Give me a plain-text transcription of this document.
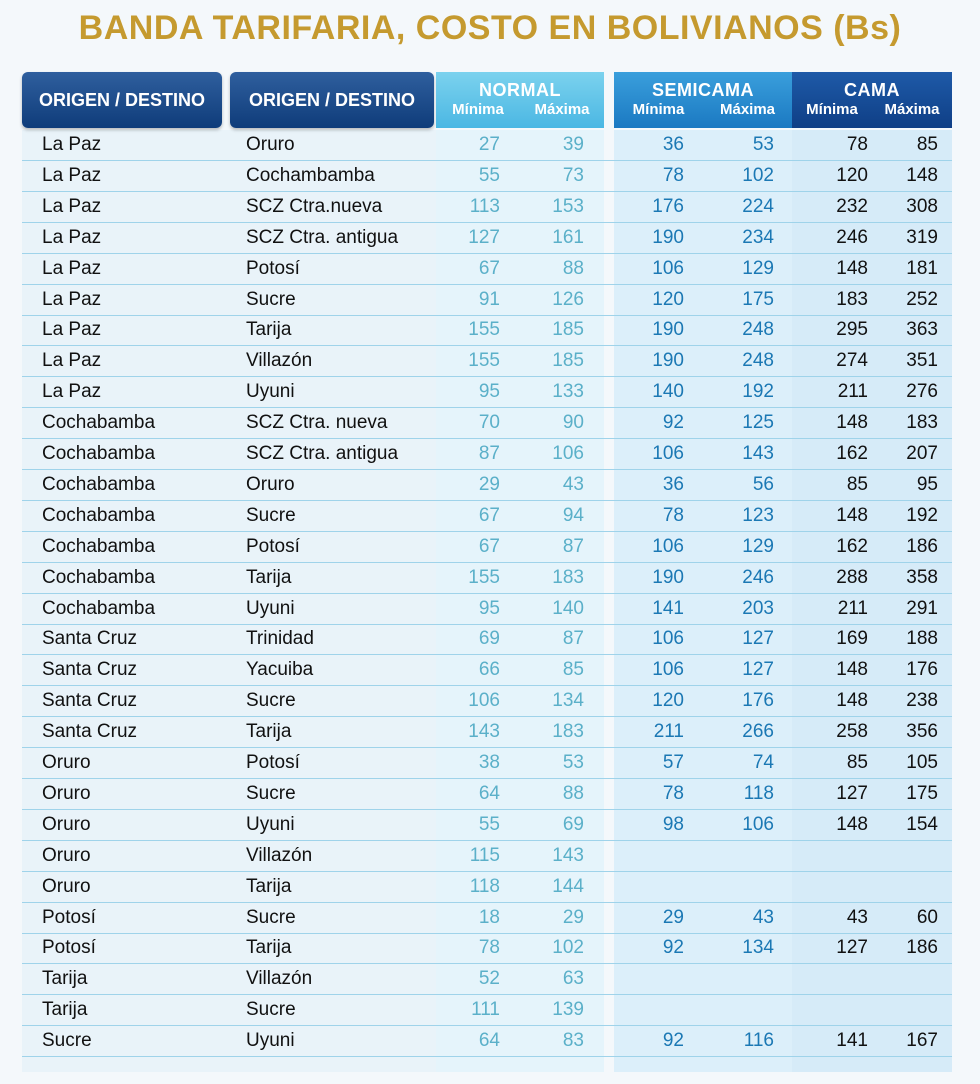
BANDA TARIFARIA, COSTO EN BOLIVIANOS (Bs)
ORIGEN / DESTINO	ORIGEN / DESTINO	NORMAL
Mínima	Máxima
SEMICAMA
Mínima	Máxima
CAMA
Mínima	Máxima
La Paz	Oruro	27	39	36	53	78	85
La Paz	Cochambamba	55	73	78	102	120	148
La Paz	SCZ Ctra.nueva	113	153	176	224	232	308
La Paz	SCZ Ctra. antigua	127	161	190	234	246	319
La Paz	Potosí	67	88	106	129	148	181
La Paz	Sucre	91	126	120	175	183	252
La Paz	Tarija	155	185	190	248	295	363
La Paz	Villazón	155	185	190	248	274	351
La Paz	Uyuni	95	133	140	192	211	276
Cochabamba	SCZ Ctra. nueva	70	90	92	125	148	183
Cochabamba	SCZ Ctra. antigua	87	106	106	143	162	207
Cochabamba	Oruro	29	43	36	56	85	95
Cochabamba	Sucre	67	94	78	123	148	192
Cochabamba	Potosí	67	87	106	129	162	186
Cochabamba	Tarija	155	183	190	246	288	358
Cochabamba	Uyuni	95	140	141	203	211	291
Santa Cruz	Trinidad	69	87	106	127	169	188
Santa Cruz	Yacuiba	66	85	106	127	148	176
Santa Cruz	Sucre	106	134	120	176	148	238
Santa Cruz	Tarija	143	183	211	266	258	356
Oruro	Potosí	38	53	57	74	85	105
Oruro	Sucre	64	88	78	118	127	175
Oruro	Uyuni	55	69	98	106	148	154
Oruro	Villazón	115	143
Oruro	Tarija	118	144
Potosí	Sucre	18	29	29	43	43	60
Potosí	Tarija	78	102	92	134	127	186
Tarija	Villazón	52	63
Tarija	Sucre	111	139
Sucre	Uyuni	64	83	92	116	141	167
